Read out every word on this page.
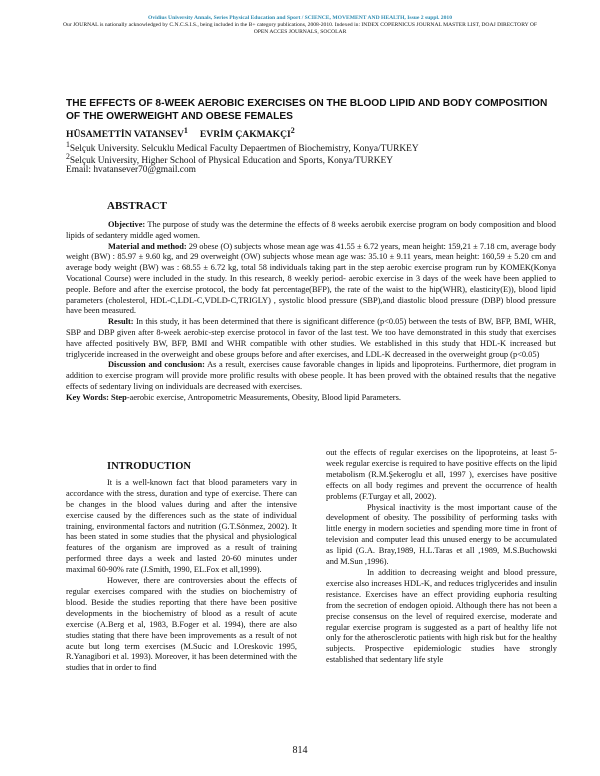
Ovidius University Annals, Series Physical Education and Sport / SCIENCE, MOVEMENT AND HEALTH, Issue 2 suppl. 2010
Our JOURNAL is nationally acknowledged by C.N.C.S.I.S., being included in the B+ category publications, 2008-2010. Indexed in: INDEX COPERNICUS JOURNAL MASTER LIST, DOAJ DIRECTORY OF OPEN ACCES JOURNALS, SOCOLAR
THE EFFECTS OF 8-WEEK AEROBIC EXERCISES ON THE BLOOD LIPID AND BODY COMPOSITION OF THE OWERWEIGHT AND OBESE FEMALES
HÜSAMETTİN VATANSEV$^1$ EVRİM ÇAKMAKÇI$^2$
$^1$Selçuk University. Selcuklu Medical Faculty Depaertmen of Biochemistry, Konya/TURKEY
$^2$Selçuk University, Higher School of Physical Education and Sports, Konya/TURKEY
Email: hvatansever70@gmail.com
ABSTRACT

Objective: The purpose of study was the determine the effects of 8 weeks aerobik exercise program on body composition and blood lipids of sedantery middle aged women.

Material and method: 29 obese (O) subjects whose mean age was 41.55 ± 6.72 years, mean height: 159,21 ± 7.18 cm, average body weight (BW) : 85.97 ± 9.60 kg, and 29 overweight (OW) subjects whose mean age was: 35.10 ± 9.11 years, mean height: 160,59 ± 5.20 cm and average body weight (BW) was : 68.55 ± 6.72 kg, total 58 individuals taking part in the step aerobic exercise program run by KOMEK(Konya Vocational Course) were included in the study. In this research, 8 weekly period- aerobic exercise in 3 days of the week have been applied to people. Before and after the exercise protocol, the body fat percentage(BFP), the rate of the waist to the hip(WHR), elasticity(E)), blood lipid parameters (cholesterol, HDL-C,LDL-C,VDLD-C,TRIGLY) , systolic blood pressure (SBP),and diastolic blood pressure (DBP) blood pressure have been measured.

Result: In this study, it has been determined that there is significant difference (p<0.05) between the tests of BW, BFP, BMI, WHR, SBP and DBP given after 8-week aerobic-step exercise protocol in favor of the last test. We too have demonstrated in this study that exercises have affected positively BW, BFP, BMI and WHR compatible with other studies. We established in this study that HDL-K increased but triglyceride increased in the overweight and obese groups before and after exercises, and LDL-K decreased in the overweight group (p<0.05)

Discussion and conclusion: As a result, exercises cause favorable changes in lipids and lipoproteins. Furthermore, diet program in addition to exercise program will provide more prolific results with obese people. It has been proved with the obtained results that the negative effects of sedentary living on individuals are decreased with exercises.

Key Words: Step-aerobic exercise, Antropometric Measurements, Obesity, Blood lipid Parameters.

INTRODUCTION

It is a well-known fact that blood parameters vary in accordance with the stress, duration and type of exercise. There can be changes in the blood values during and after the intensive exercise caused by the differences such as the state of individual training, environmental factors and nutrition (G.T.Sönmez, 2002). It has been stated in some studies that the physical and physiological features of the organism are improved as a result of training performed three days a week and lasted 20-60 minutes under maximal 60-90% rate (J.Smith, 1990, EL.Fox et all,1999).

However, there are controversies about the effects of regular exercises compared with the studies on biochemistry of blood. Beside the studies reporting that there have been positive developments in the biochemistry of blood as a result of acute exercise (A.Berg et al, 1983, B.Foger et al. 1994), there are also studies stating that there have been improvements as a result of not acute but long term exercises (M.Sucic and I.Oreskovic 1995, R.Yanagibori et al. 1993). Moreover, it has been determined with the studies that in order to find

out the effects of regular exercises on the lipoproteins, at least 5-week regular exercise is required to have positive effects on the lipid metabolism (R.M.Şekeroglu et all, 1997 ), exercises have positive effects on all body regimes and prevent the occurrence of health problems (F.Turgay et all, 2002).

Physical inactivity is the most important cause of the development of obesity. The possibility of performing tasks with little energy in modern societies and spending more time in front of television and computer lead this unused energy to be accumulated as lipid (G.A. Bray,1989, H.L.Taras et all ,1989, M.S.Buchowski and M.Sun ,1996).

In addition to decreasing weight and blood pressure, exercise also increases HDL-K, and reduces triglycerides and insulin resistance. Exercises have an effect providing euphoria resulting from the secretion of endogen opioid. Although there has not been a precise consensus on the level of required exercise, moderate and regular exercise program is suggested as a part of healthy life not only for the atherosclerotic patients with high risk but for the healthy subjects. Prospective epidemiologic studies have strongly established that sedentary life style

814
